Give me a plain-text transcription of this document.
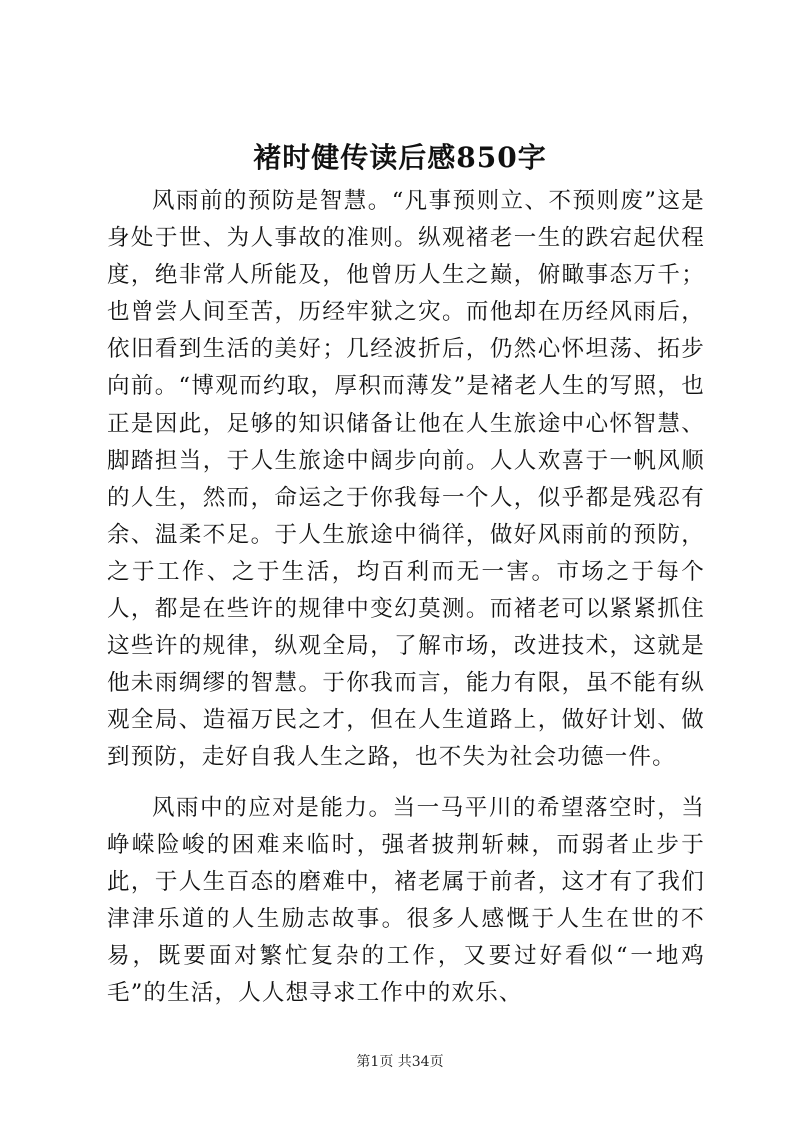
褚时健传读后感850字

风雨前的预防是智慧。“凡事预则立、不预则废”这是身处于世、为人事故的准则。纵观褚老一生的跌宕起伏程度，绝非常人所能及，他曾历人生之巅，俯瞰事态万千；也曾尝人间至苦，历经牢狱之灾。而他却在历经风雨后，依旧看到生活的美好；几经波折后，仍然心怀坦荡、拓步向前。“博观而约取，厚积而薄发”是褚老人生的写照，也正是因此，足够的知识储备让他在人生旅途中心怀智慧、脚踏担当，于人生旅途中阔步向前。人人欢喜于一帆风顺的人生，然而，命运之于你我每一个人，似乎都是残忍有余、温柔不足。于人生旅途中徜徉，做好风雨前的预防，之于工作、之于生活，均百利而无一害。市场之于每个人，都是在些许的规律中变幻莫测。而褚老可以紧紧抓住这些许的规律，纵观全局，了解市场，改进技术，这就是他未雨绸缪的智慧。于你我而言，能力有限，虽不能有纵观全局、造福万民之才，但在人生道路上，做好计划、做到预防，走好自我人生之路，也不失为社会功德一件。

风雨中的应对是能力。当一马平川的希望落空时，当峥嵘险峻的困难来临时，强者披荆斩棘，而弱者止步于此，于人生百态的磨难中，褚老属于前者，这才有了我们津津乐道的人生励志故事。很多人感慨于人生在世的不易，既要面对繁忙复杂的工作，又要过好看似“一地鸡毛”的生活，人人想寻求工作中的欢乐、

第1页 共34页
